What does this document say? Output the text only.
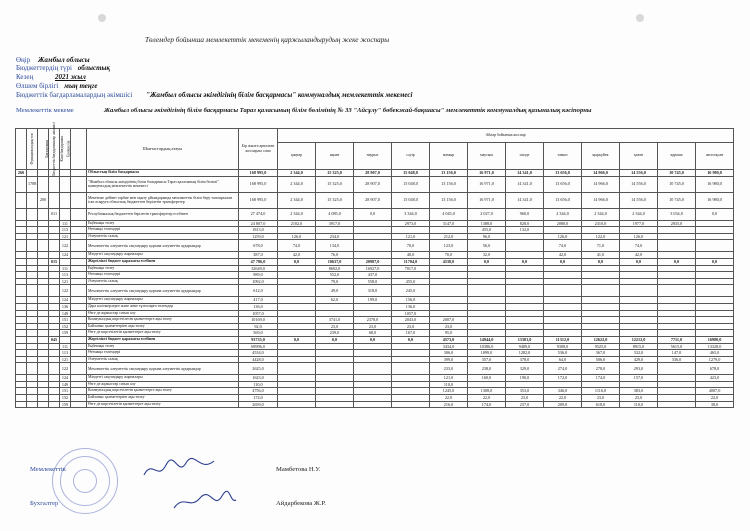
Төлемдер бойынша мемлекеттік мекеменің қаржыландырудың жеке жоспары
Өңір Жамбыл облысы
Бюджеттердің түрі облыстық
Кезең	2021 жыл
Өлшем бірлігі мың теңге
Бюджеттік бағдарламалардың әкімшісі "Жамбыл облысы әкімдігінің білім басқармасы" коммуналдық мемлекеттік мекемесі
Мемлекеттік мекеме	Жамбыл облысы әкімдігінің білім басқармасы Тараз қаласының білім бөлімінің № 33 "Айсұлу" бөбекжай-бақшасы" мемлекеттік коммуналдық қазыналық кәсіпорны
Функционалдық топ	Бюджеттік бағдарламалар әкімшісі	Бағдарлама	Кіші бағдарлама	Ерекшелік		Шығыстардың атауы	Бір жылға арналған жоспарлы сома	Айлар бойынша жоспар											
								қаңтар	ақпан	наурыз	сәуір	мамыр	маусым	шілде	тамыз	қыркүйек	қазан	қараша	желтоқсан
260						Облыстың білім басқармасы	168 995,0	2 344,0	15 325,0	28 907,0	15 048,0	13 156,0	16 971,0	14 341,0	13 656,0	14 966,0	14 556,0	10 745,0	16 980,0
	1788					"Жамбыл облысы әкімдігінің білім басқармасы Тараз қаласының білім бөлімі" коммуналдық мемлекеттік мекемесі	168 995,0	2 344,0	15 325,0	28 907,0	15 048,0	13 156,0	16 971,0	14 341,0	13 656,0	14 966,0	14 556,0	10 745,0	16 980,0
		200				Мектепке дейінгі тәрбие мен оқыту ұйымдарында мемлекеттік білім беру тапсырысын іске асыруға облыстық бюджеттен берілетін трансферттер	168 995,0	2 344,0	15 325,0	28 907,0	15 048,0	13 156,0	16 971,0	14 341,0	13 656,0	14 966,0	14 556,0	10 745,0	16 980,0
			011			Республикалық бюджеттен берілетін трансферттер есебінен	27 474,0	2 344,0	4 085,0	0,0	3 344,0	4 045,0	2 027,0	960,0	2 344,0	2 344,0	2 344,0	3 034,0	0,0
				111		Еңбекақы төлеу	24 807,0	2102,0	3917,0		2973,0	3147,0	1388,0	828,0	2080,0	2310,0	1977,0	2835,0	
				113		Өтемақы төлемдері	1813,0						455,0	132,0					
				121		Әлеуметтік салық	1259,0	126,0	234,0		121,0	212,0	96,0		126,0	122,0	126,0		
				122		Мемлекеттік әлеуметтік сақтандыру қорына әлеуметтік аударымдар	678,0	74,0	134,0		70,0	123,0	56,0		74,0	71,0	74,0		
				124		Міндетті сақтандыру жарналары	387,0	42,0	76,0		40,0	70,0	32,0		42,0	41,0	42,0		
			015			Жергілікті бюджет қаражаты есебінен	47 786,0	0,0	10637,0	20987,0	11704,0	4538,0	0,0	0,0	0,0	0,0	0,0	0,0	0,0
				111		Еңбекақы төлеу	32649,0		8692,0	16927,0	7017,0								
				113		Өтемақы төлемдері	989,0		552,0	437,0									
				121		Әлеуметтік салық	1092,0		79,0	558,0	455,0								
				122		Мемлекеттік әлеуметтік сақтандыру қорына әлеуметтік аударымдар	612,0		49,0	318,0	245,0								
				124		Міндетті сақтандыру жарналары	417,0		62,0	199,0	156,0								
				136		Дара кәсіпкерлерге және жеке тұлғаларға төлемдер	136,0				136,0								
				149		Өзге де жұмыстар сатып алу	1057,0				1057,0								
				151		Коммуналдық көрсетілетін қызметтерге ақы төлеу	10169,0		3741,0	2378,0	2043,0	2007,0							
				152		Байланыс қызметтеріне ақы төлеу	92,0		23,0	23,0	23,0	23,0							
				159		Өзге де көрсетілетін қызметтерге ақы төлеу	569,0		239,0	68,0	167,0	95,0							
			045			Жергілікті бюджет қаражаты есебінен	93735,0	0,0	0,0	0,0	0,0	4573,0	14944,0	13381,0	11312,0	12622,0	12212,0	7711,0	16980,0
				111		Еңбекақы төлеу	69996,0					3434,0	10386,0	9489,0	9308,0	9525,0	8915,0	5615,0	13328,0
				113		Өтемақы төлемдері	4534,0					306,0	1099,0	1282,0	536,0	367,0	332,0	147,0	465,0
				121		Әлеуметтік салық	4428,0					399,0	357,0	378,0	64,0	506,0	429,0	336,0	1279,0
				122		Мемлекеттік әлеуметтік сақтандыру қорына әлеуметтік аударымдар	2625,0					233,0	238,0	329,0	274,0	278,0	293,0		678,0
				124		Міндетті сақтандыру жарналары	1623,0					121,0	160,0	190,0	172,0	174,0	157,0		423,0
				149		Өзге де жұмыстар сатып алу	110,0					110,0							
				151		Коммуналдық көрсетілетін қызметтерге ақы төлеу	4756,0					1245,0	1308,0	353,0	346,0	1116,0	383,0		4007,0
				152		Байланыс қызметтеріне ақы төлеу	174,0					22,0	22,0	23,0	22,0	23,0	23,0		22,0
				159		Өзге де көрсетілетін қызметтерге ақы төлеу	2659,0					216,0	174,0	237,0	209,0	618,0	110,0		38,0
Мемлекеттік	Мамбетова Н.У.
Бухгалтер	Айдарбекова Ж.Р.
